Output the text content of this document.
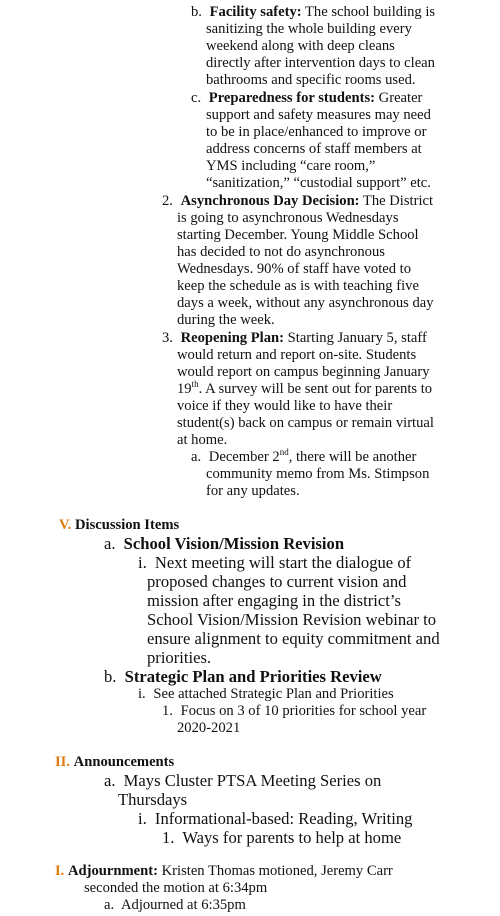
b. Facility safety: The school building is
sanitizing the whole building every
weekend along with deep cleans
directly after intervention days to clean
bathrooms and specific rooms used.
c. Preparedness for students: Greater
support and safety measures may need
to be in place/enhanced to improve or
address concerns of staff members at
YMS including “care room,”
“sanitization,” “custodial support” etc.
2. Asynchronous Day Decision: The District
is going to asynchronous Wednesdays
starting December. Young Middle School
has decided to not do asynchronous
Wednesdays. 90% of staff have voted to
keep the schedule as is with teaching five
days a week, without any asynchronous day
during the week.
3. Reopening Plan: Starting January 5, staff
would return and report on-site. Students
would report on campus beginning January
19th. A survey will be sent out for parents to
voice if they would like to have their
student(s) back on campus or remain virtual
at home.
a. December 2nd, there will be another
community memo from Ms. Stimpson
for any updates.
V. Discussion Items
a. School Vision/Mission Revision
i. Next meeting will start the dialogue of
proposed changes to current vision and
mission after engaging in the district’s
School Vision/Mission Revision webinar to
ensure alignment to equity commitment and
priorities.
b. Strategic Plan and Priorities Review
i. See attached Strategic Plan and Priorities
1. Focus on 3 of 10 priorities for school year
2020-2021
II. Announcements
a. Mays Cluster PTSA Meeting Series on
Thursdays
i. Informational-based: Reading, Writing
1. Ways for parents to help at home
I. Adjournment: Kristen Thomas motioned, Jeremy Carr
seconded the motion at 6:34pm
a. Adjourned at 6:35pm
